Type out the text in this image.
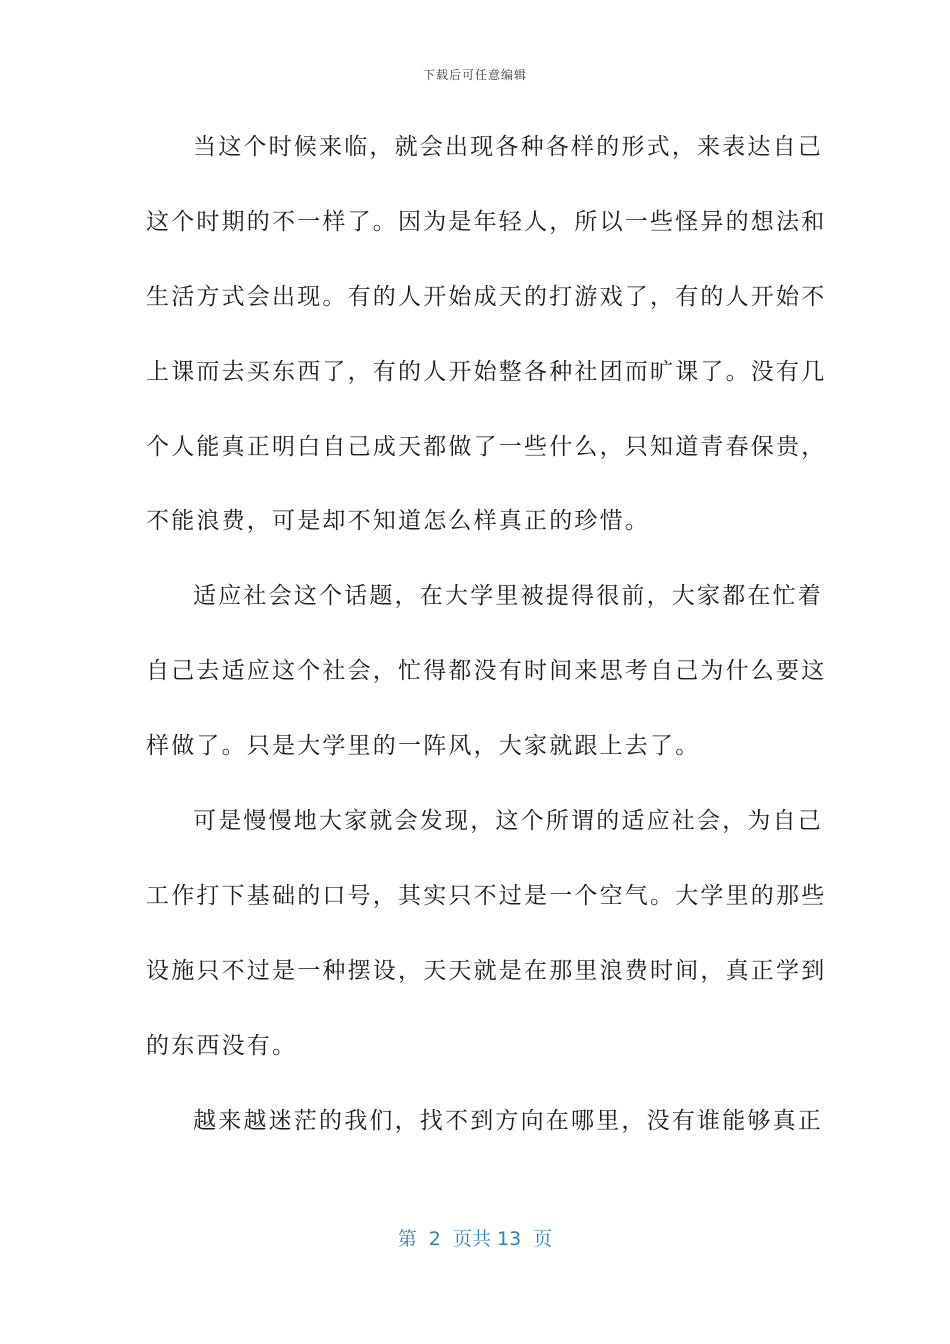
下载后可任意编辑
当这个时候来临，就会出现各种各样的形式，来表达自己
这个时期的不一样了。因为是年轻人，所以一些怪异的想法和
生活方式会出现。有的人开始成天的打游戏了，有的人开始不
上课而去买东西了，有的人开始整各种社团而旷课了。没有几
个人能真正明白自己成天都做了一些什么，只知道青春保贵，
不能浪费，可是却不知道怎么样真正的珍惜。
适应社会这个话题，在大学里被提得很前，大家都在忙着
自己去适应这个社会，忙得都没有时间来思考自己为什么要这
样做了。只是大学里的一阵风，大家就跟上去了。
可是慢慢地大家就会发现，这个所谓的适应社会，为自己
工作打下基础的口号，其实只不过是一个空气。大学里的那些
设施只不过是一种摆设，天天就是在那里浪费时间，真正学到
的东西没有。
越来越迷茫的我们，找不到方向在哪里，没有谁能够真正
第  2  页共 13  页
